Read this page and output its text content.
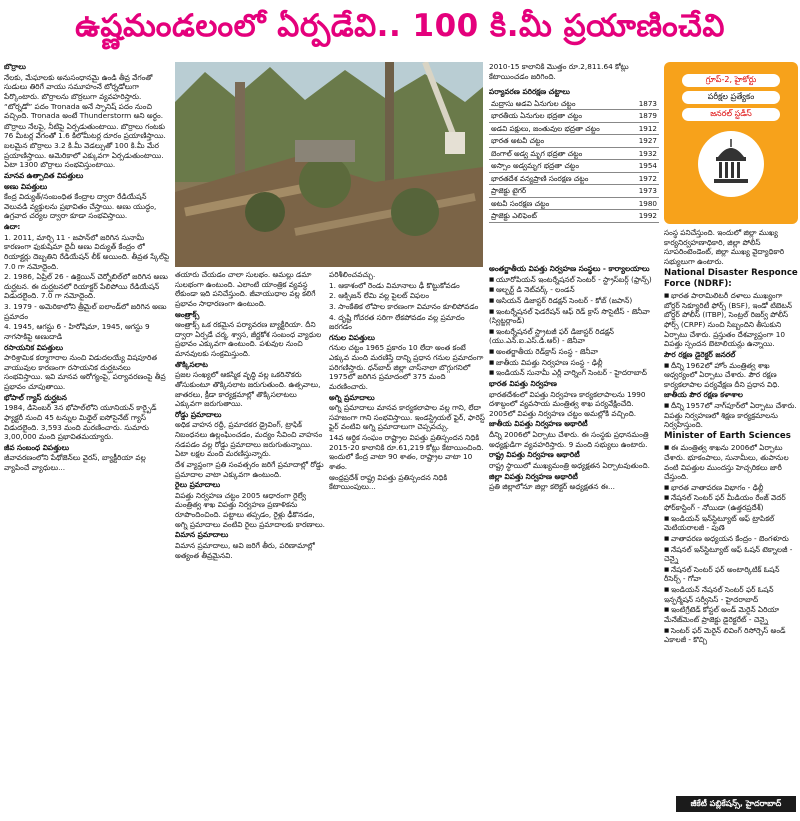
ఉష్ణమండలంలో ఏర్పడేవి.. 100 కి.మీ ప్రయాణించేవి

బొర్రాలు

నేలకు, మేఘాలకు అనుసంధానమై ఉండి తీవ్ర వేగంతో సుడులు తిరిగే వాయు సమూహంనే టోర్నడోలుగా పేర్కొంటారు. బొర్రాలను బొర్రలుగా వ్యవహరిస్తారు. “టోర్నడో” పదం Tronada అనే స్పానిష్ పదం నుంచి వచ్చింది. Tronada అంటే Thunderstorm అని అర్థం.

బొర్రాలు నేలపై, నీటిపై ఏర్పడుతుంటాయి. బొర్రాలు గంటకు 76 మీటర్ల వేగంతో 1.6 కిలోమీటర్ల దూరం ప్రయాణిస్తాయి. బలమైన బొర్రాలు 3.2 కి.మీ వెడల్పుతో 100 కి.మీ మేర ప్రయాణిస్తాయి. అమెరికాలో ఎక్కువగా ఏర్పడుతుంటాయి. ఏటా 1300 బొర్రాలు సంభవిస్తుంటాయి.

మానవ ఉత్పాదిత విపత్తులు

అణు విపత్తులు

కేంద్ర విద్యుత్/సంబంధిత కేంద్రాల ద్వారా రేడియేషన్ వెలువడి వ్యక్తులను ప్రభావితం చేస్తాయి. అణు యుద్ధం, ఉగ్రవాద చర్యల ద్వారా కూడా సంభవిస్తాయి.

ఉదా:

1. 2011, మార్చి 11 - జపాన్‌లో జరిగిన సునామీ కారణంగా ఫుకుషిమా దైచీ అణు విద్యుత్ కేంద్రం లో రియాక్టర్లు దెబ్బతిని రేడియేషన్ లీక్ అయింది. తీవ్రత స్కేల్‌పై 7.0 గా నమోదైంది.

2. 1986, ఏప్రిల్ 26 - ఉక్రెయిన్ చెర్నోబిల్‌లో జరిగిన అణు దుర్ఘటన. ఈ దుర్ఘటనలో రియాక్టర్ పేలిపోయి రేడియేషన్ విడుదలైంది. 7.0 గా నమోదైంది.

3. 1979 - అమెరికాలోని త్రీమైల్ ఐలాండ్‌లో జరిగిన అణు ప్రమాదం

4. 1945, ఆగస్టు 6 - హిరోషిమా, 1945, ఆగస్టు 9 నాగసాకిపై అణుదాడి

రసాయనిక విపత్తులు

పారిశ్రామిక కర్మాగారాల నుంచి విడుదలయ్యే విషపూరిత వాయువుల కారణంగా రసాయనిక దుర్ఘటనలు సంభవిస్తాయి. ఇవి మానవ ఆరోగ్యంపై, పర్యావరణంపై తీవ్ర ప్రభావం చూపుతాయి.

భోపాల్ గ్యాస్ దుర్ఘటన

1984, డిసెంబర్ 3న భోపాల్‌లోని యూనియన్ కార్బైడ్ ఫ్యాక్టరీ నుంచి 45 టన్నుల మిథైల్ ఐసోసైనేట్ గ్యాస్ విడుదలైంది. 3,593 మంది మరణించారు. సుమారు 3,00,000 మంది ప్రభావితమయ్యారు.

జీవ సంబంధ విపత్తులు

జీవావరణంలోని పేథోజెన్‌లు వైరస్, బ్యాక్టీరియా వల్ల వ్యాపించే వ్యాధులు...

తయారు చేయడం చాలా సులభం. అమల్లు డమా సులభంగా ఉంటుంది. ఎలాంటి యాంత్రిక వ్యవస్థ లేకుండా ఇది పనిచేస్తుంది. జీవాయుధాల వల్ల కలిగే ప్రభావం సాధారణంగా ఉంటుంది.

ఆంత్రాక్స్

ఆంత్రాక్స్ ఒక రకమైన పర్యావరణ బ్యాక్టీరియా. దీని ద్వారా ఏర్పడే చర్మ, శ్వాస, జీర్ణకోశ సంబంధ వ్యాధుల ప్రభావం ఎక్కువగా ఉంటుంది. పశువుల నుంచి మానవులకు సంక్రమిస్తుంది.

తొక్కిసలాట

ప్రజల సంఖ్యలో ఆకస్మిక వృద్ధి వల్ల ఒకరినొకరు తోసుకుంటూ తొక్కిసలాట జరుగుతుంది. ఉత్సవాలు, జాతరలు, క్రీడా కార్యక్రమాల్లో తొక్కిసలాటలు ఎక్కువగా జరుగుతాయి.

రోడ్డు ప్రమాదాలు

అధిక వాహన రద్దీ, ప్రమాదకర డ్రైవింగ్, ట్రాఫిక్ నిబంధనలు ఉల్లంఘించడం, మద్యం సేవించి వాహనం నడపడం వల్ల రోడ్డు ప్రమాదాలు జరుగుతున్నాయి. ఏటా లక్షల మంది మరణిస్తున్నారు.

దేశ వ్యాప్తంగా ప్రతి సంవత్సరం జరిగే ప్రమాదాల్లో రోడ్డు ప్రమాదాల వాటా ఎక్కువగా ఉంటుంది.

రైలు ప్రమాదాలు

విపత్తు నిర్వహణ చట్టం 2005 ఆధారంగా రైల్వే మంత్రిత్వ శాఖ విపత్తు నిర్వహణ ప్రణాళికను రూపొందించింది. పట్టాలు తప్పడం, రైళ్లు ఢీకొనడం, అగ్ని ప్రమాదాలు వంటివి రైలు ప్రమాదాలకు కారణాలు.

విమాన ప్రమాదాలు

విమాన ప్రమాదాలు, అవి జరిగే తీరు, పరిణామాల్లో అత్యంత తీవ్రమైనవి.

పరిశీలించవచ్చు.

1. ఆకాశంలో రెండు విమానాలు ఢీ కొట్టుకోవడం

2. ఆక్సిజన్ లేమి వల్ల పైలట్ విఫలం

3. సాంకేతిక లోపాల కారణంగా విమానం కూలిపోవడం

4. దృష్టి గోచరత సరిగా లేకపోవడం వల్ల ప్రమాదం జరగడం

గనుల విపత్తులు

గనుల చట్టం 1965 ప్రకారం 10 లేదా అంత కంటే ఎక్కువ మంది మరణిస్తే దాన్ని ప్రధాన గనుల ప్రమాదంగా పరిగణిస్తారు. ధన్‌బాద్ జిల్లా చాస్‌నాలా బొగ్గుగనిలో 1975లో జరిగిన ప్రమాదంలో 375 మంది మరణించారు.

అగ్ని ప్రమాదాలు

అగ్ని ప్రమాదాలు మానవ కార్యకలాపాల వల్ల గాని, లేదా సహజంగా గాని సంభవిస్తాయి. ఇండస్ట్రియల్ ఫైర్, ఫారెస్ట్ ఫైర్ వంటివి అగ్ని ప్రమాదాలుగా చెప్పవచ్చు.

14వ ఆర్థిక సంఘం రాష్ట్రాల విపత్తు ప్రతిస్పందన నిధికి 2015-20 కాలానికి రూ.61,219 కోట్లు కేటాయించింది. ఇందులో కేంద్ర వాటా 90 శాతం, రాష్ట్రాల వాటా 10 శాతం.

ఆంధ్రప్రదేశ్ రాష్ట్ర విపత్తు ప్రతిస్పందన నిధికి కేటాయింపులు...

2010-15 కాలానికి మొత్తం రూ.2,811.64 కోట్లు కేటాయించడం జరిగింది.

పర్యావరణ పరిరక్షణ చట్టాలు

మద్రాసు అడవి ఏనుగుల చట్టం	1873
భారతీయ ఏనుగుల భద్రతా చట్టం	1879
అడవి పక్షులు, జంతువుల భద్రతా చట్టం	1912
భారత అటవీ చట్టం	1927
బెంగాల్ అడ్వ మృగ భద్రతా చట్టం	1932
అస్సాం అడ్వమృగ భద్రతా చట్టం	1954
భారతదేశ వన్యప్రాణి సంరక్షణ చట్టం	1972
ప్రాజెక్టు టైగర్	1973
అటవీ సంరక్షణ చట్టం	1980
ప్రాజెక్టు ఎలిఫెంట్	1992

అంతర్జాతీయ విపత్తు నిర్వహణ సంస్థలు - కార్యాలయాలు

■ యూరోపియన్ ఇంటర్నేషనల్ సెంటర్ - స్ట్రాస్‌బర్గ్ (ఫ్రాన్స్)

■ ఆల్బర్ట్ డి నెట్‌వర్క్ - లండన్

■ ఆసియన్ డిజాస్టర్ రిడక్షన్ సెంటర్ - కోబ్ (జపాన్)

■ ఇంటర్నేషనల్ ఫెడరేషన్ ఆఫ్ రెడ్ క్రాస్ సొసైటీస్ - జెనీవా (స్విట్జర్లాండ్)

■ ఇంటర్నేషనల్ స్ట్రాటజీ ఫర్ డిజాస్టర్ రిడక్షన్ (యు.ఎన్.ఐ.ఎస్.డి.ఆర్) - జెనీవా

■ అంతర్జాతీయ రెడ్‌క్రాస్ సంస్థ - జెనీవా

■ జాతీయ విపత్తు నిర్వహణ సంస్థ - ఢిల్లీ

■ ఇండియన్ సునామీ ఎర్లీ వార్నింగ్ సెంటర్ - హైదరాబాద్

భారత విపత్తు నిర్వహణ

భారతదేశంలో విపత్తు నిర్వహణ కార్యకలాపాలను 1990 దశాబ్దంలో వ్యవసాయ మంత్రిత్వ శాఖ పర్యవేక్షించేది. 2005లో విపత్తు నిర్వహణ చట్టం అమల్లోకి వచ్చింది.

జాతీయ విపత్తు నిర్వహణ అథారిటీ

దీన్ని 2006లో ఏర్పాటు చేశారు. ఈ సంస్థకు ప్రధానమంత్రి అధ్యక్షుడిగా వ్యవహరిస్తారు. 9 మంది సభ్యులు ఉంటారు.

రాష్ట్ర విపత్తు నిర్వహణ అథారిటీ

రాష్ట్ర స్థాయిలో ముఖ్యమంత్రి అధ్యక్షతన ఏర్పాటవుతుంది.

జిల్లా విపత్తు నిర్వహణ అథారిటీ

ప్రతి జిల్లాలోనూ జిల్లా కలెక్టర్ అధ్యక్షతన ఈ...

గ్రూప్-2, హైకోర్టు
పరీక్షల ప్రత్యేకం
జనరల్ స్టడీస్

సంస్థ పనిచేస్తుంది. ఇందులో జిల్లా ముఖ్య కార్యనిర్వహణాధికారి, జిల్లా పోలీస్ సూపరింటెండెంట్, జిల్లా ముఖ్య వైద్యాధికారి సభ్యులుగా ఉంటారు.

National Disaster Responce Force (NDRF):

■ భారత పారామిలిటరీ దళాలు ముఖ్యంగా బోర్డర్ సెక్యూరిటీ ఫోర్స్ (BSF), ఇండో టిబెటన్ బోర్డర్ పోలీస్ (ITBP), సెంట్రల్ రిజర్వ్ పోలీస్ ఫోర్స్ (CRPF) నుంచి సిబ్బందిని తీసుకుని ఏర్పాటు చేశారు. ప్రస్తుతం దేశవ్యాప్తంగా 10 విపత్తు స్పందన బెటాలియన్లు ఉన్నాయి.

పౌర రక్షణ డైరెక్టర్ జనరల్

■ దీన్ని 1962లో హోం మంత్రిత్వ శాఖ ఆధ్వర్యంలో ఏర్పాటు చేశారు. పౌర రక్షణ కార్యకలాపాల పర్యవేక్షణ దీని ప్రధాన విధి.

జాతీయ పౌర రక్షణ కళాశాల

■ దీన్ని 1957లో నాగ్‌పూర్‌లో ఏర్పాటు చేశారు. విపత్తు నిర్వహణలో శిక్షణ కార్యక్రమాలను నిర్వహిస్తుంది.

Minister of Earth Sciences

■ ఈ మంత్రిత్వ శాఖను 2006లో ఏర్పాటు చేశారు. భూకంపాలు, సునామీలు, తుపానుల వంటి విపత్తుల ముందస్తు హెచ్చరికలు జారీ చేస్తుంది.

■ భారత వాతావరణ విభాగం - ఢిల్లీ

■ నేషనల్ సెంటర్ ఫర్ మీడియం రేంజ్ వెదర్ ఫోర్‌కాస్టింగ్ - నోయిడా (ఉత్తరప్రదేశ్)

■ ఇండియన్ ఇన్‌స్టిట్యూట్ ఆఫ్ ట్రాపికల్ మెటియరాలజీ - పుణె

■ వాతావరణ అధ్యయన కేంద్రం - బెంగళూరు

■ నేషనల్ ఇన్‌స్టిట్యూట్ ఆఫ్ ఓషన్ టెక్నాలజీ - చెన్నై

■ నేషనల్ సెంటర్ ఫర్ అంటార్కిటిక్ ఓషన్ రీసెర్చ్ - గోవా

■ ఇండియన్ నేషనల్ సెంటర్ ఫర్ ఓషన్ ఇన్ఫర్మేషన్ సర్వీసెస్ - హైదరాబాద్

■ ఇంటిగ్రేటెడ్ కోస్టల్ అండ్ మెరైన్ ఏరియా మేనేజ్‌మెంట్ ప్రాజెక్టు డైరెక్టరేట్ - చెన్నై

■ సెంటర్ ఫర్ మెరైన్ లివింగ్ రిసోర్సెస్ అండ్ ఎకాలజీ - కొచ్చి

జీకేటీ పబ్లికేషన్స్, హైదరాబాద్
